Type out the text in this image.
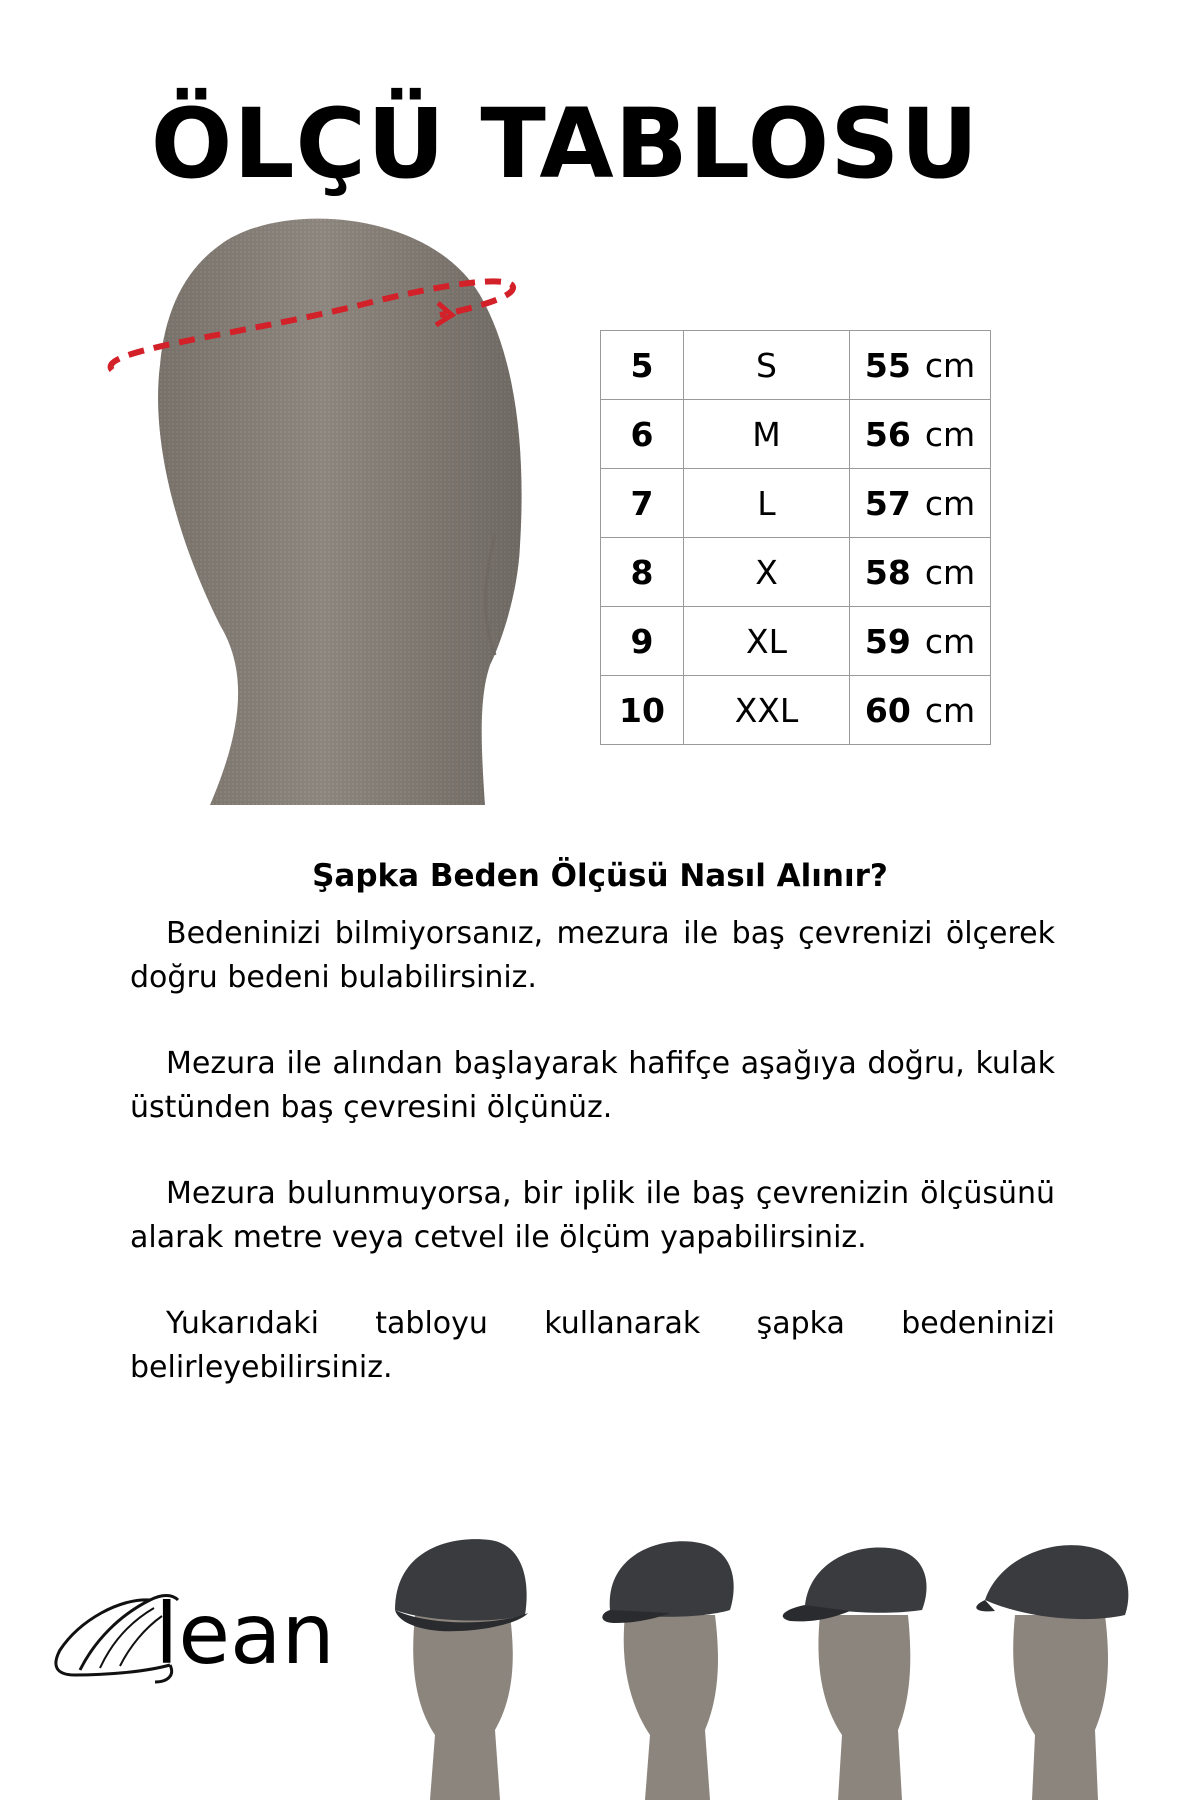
ÖLÇÜ TABLOSU
5	S	55 cm
6	M	56 cm
7	L	57 cm
8	X	58 cm
9	XL	59 cm
10	XXL	60 cm
Şapka Beden Ölçüsü Nasıl Alınır?

Bedeninizi bilmiyorsanız, mezura ile baş çevrenizi ölçerek doğru bedeni bulabilirsiniz.

Mezura ile alından başlayarak hafifçe aşağıya doğru, kulak üstünden baş çevresini ölçünüz.

Mezura bulunmuyorsa, bir iplik ile baş çevrenizin ölçüsünü alarak metre veya cetvel ile ölçüm yapabilirsiniz.

Yukarıdaki tabloyu kullanarak şapka bedeninizi belirleyebilirsiniz.

lean
